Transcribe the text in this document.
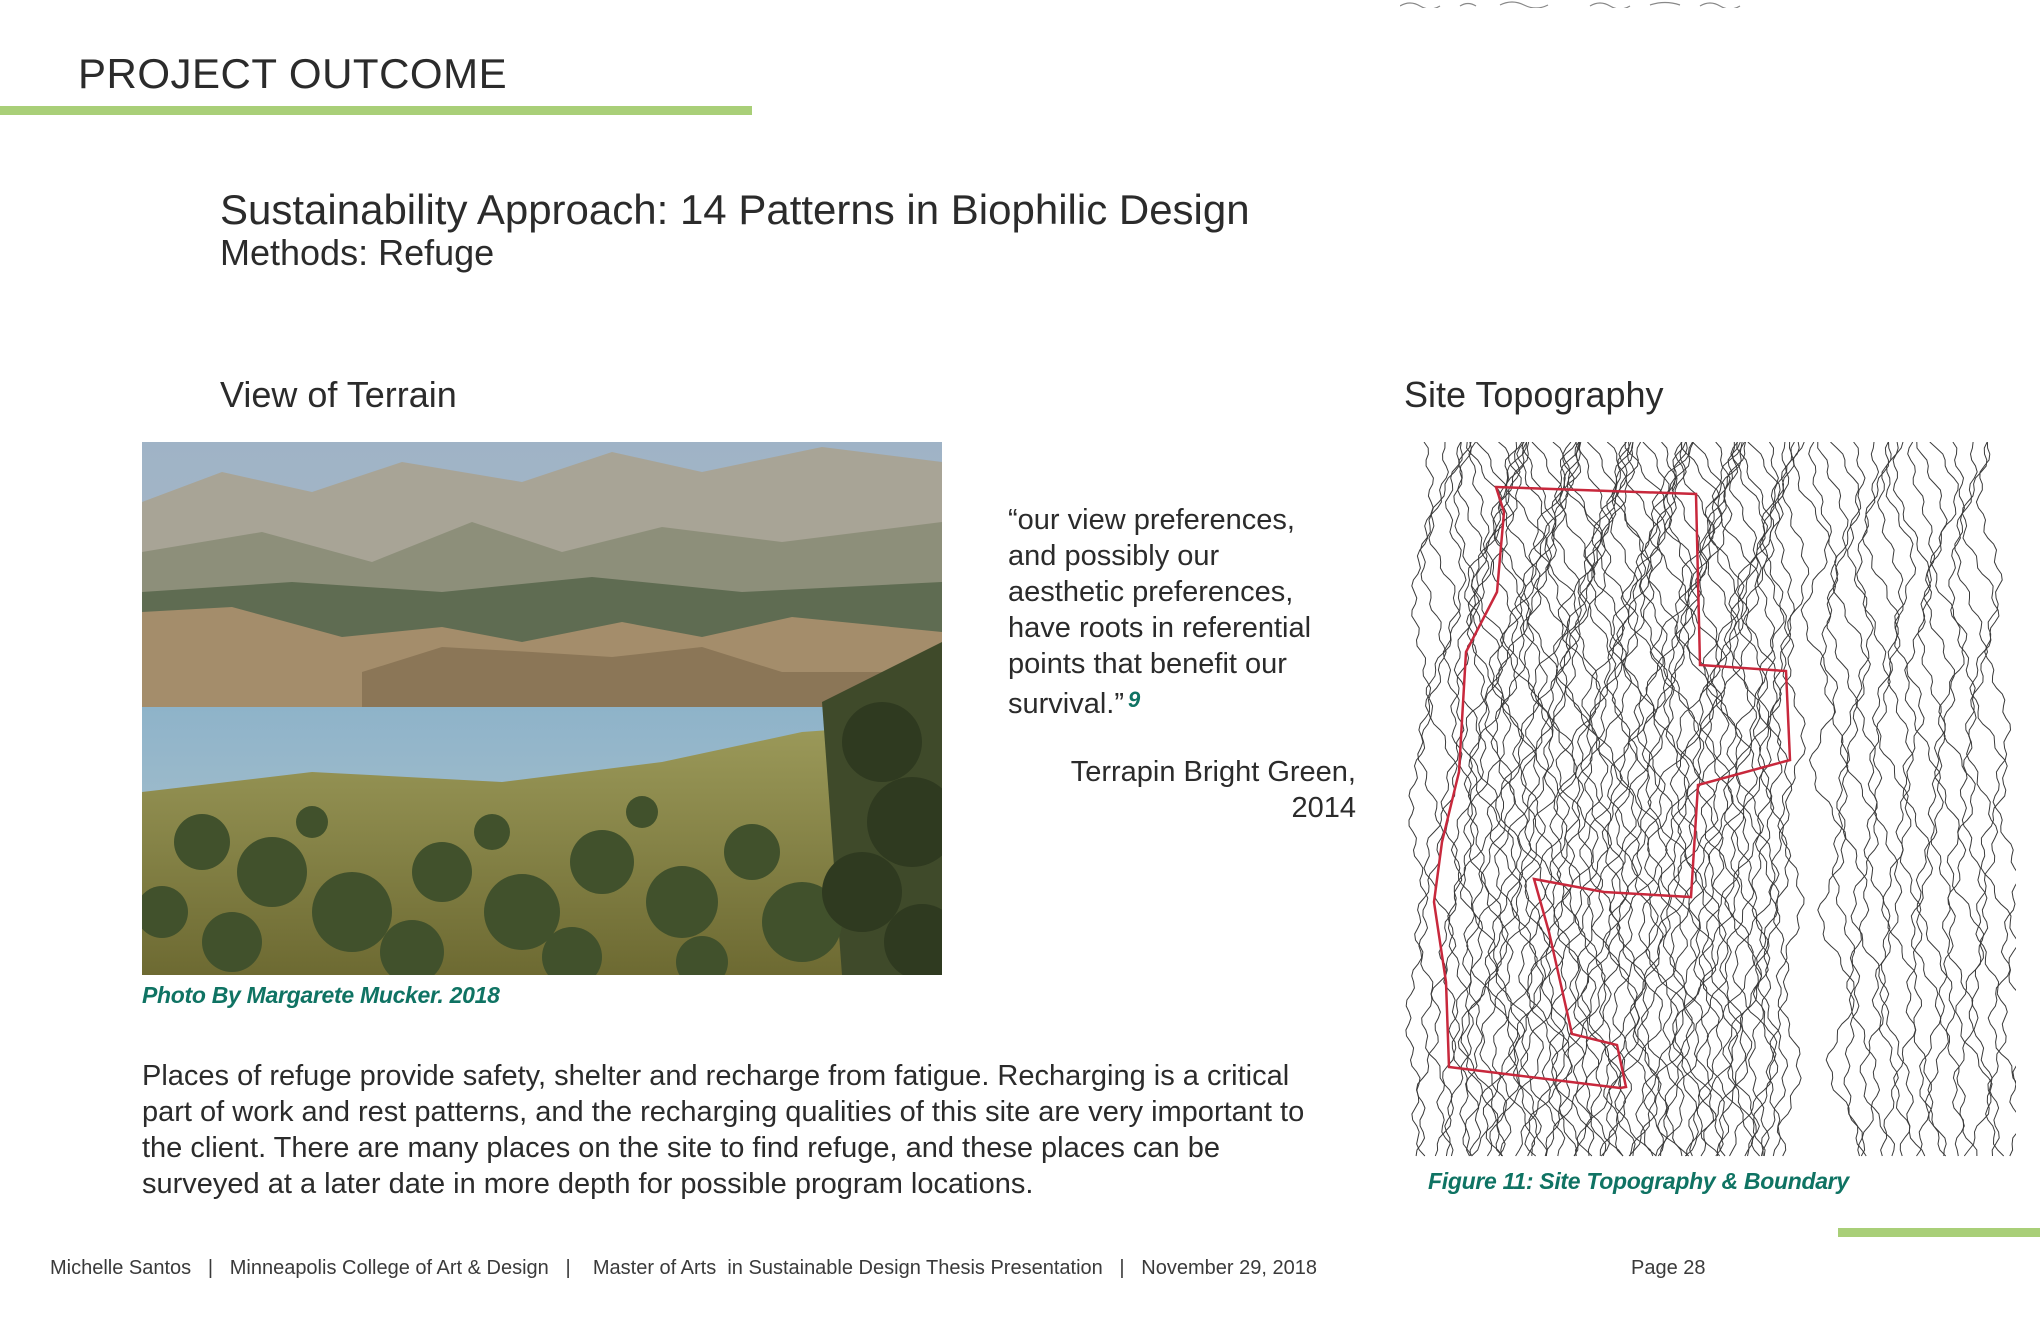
PROJECT OUTCOME
Sustainability Approach: 14 Patterns in Biophilic Design
Methods: Refuge
View of Terrain	Site Topography
Photo By Margarete Mucker. 2018
“our view preferences,
and possibly our
aesthetic preferences,
have roots in referential
points that benefit our
survival.” $^9$
Terrapin Bright Green,
2014
Places of refuge provide safety, shelter and recharge from fatigue. Recharging is a critical
part of work and rest patterns, and the recharging qualities of this site are very important to
the client. There are many places on the site to find refuge, and these places can be
surveyed at a later date in more depth for possible program locations.	Figure 11: Site Topography & Boundary
Michelle Santos   |   Minneapolis College of Art & Design   |    Master of Arts  in Sustainable Design Thesis Presentation   |   November 29, 2018	Page 28
